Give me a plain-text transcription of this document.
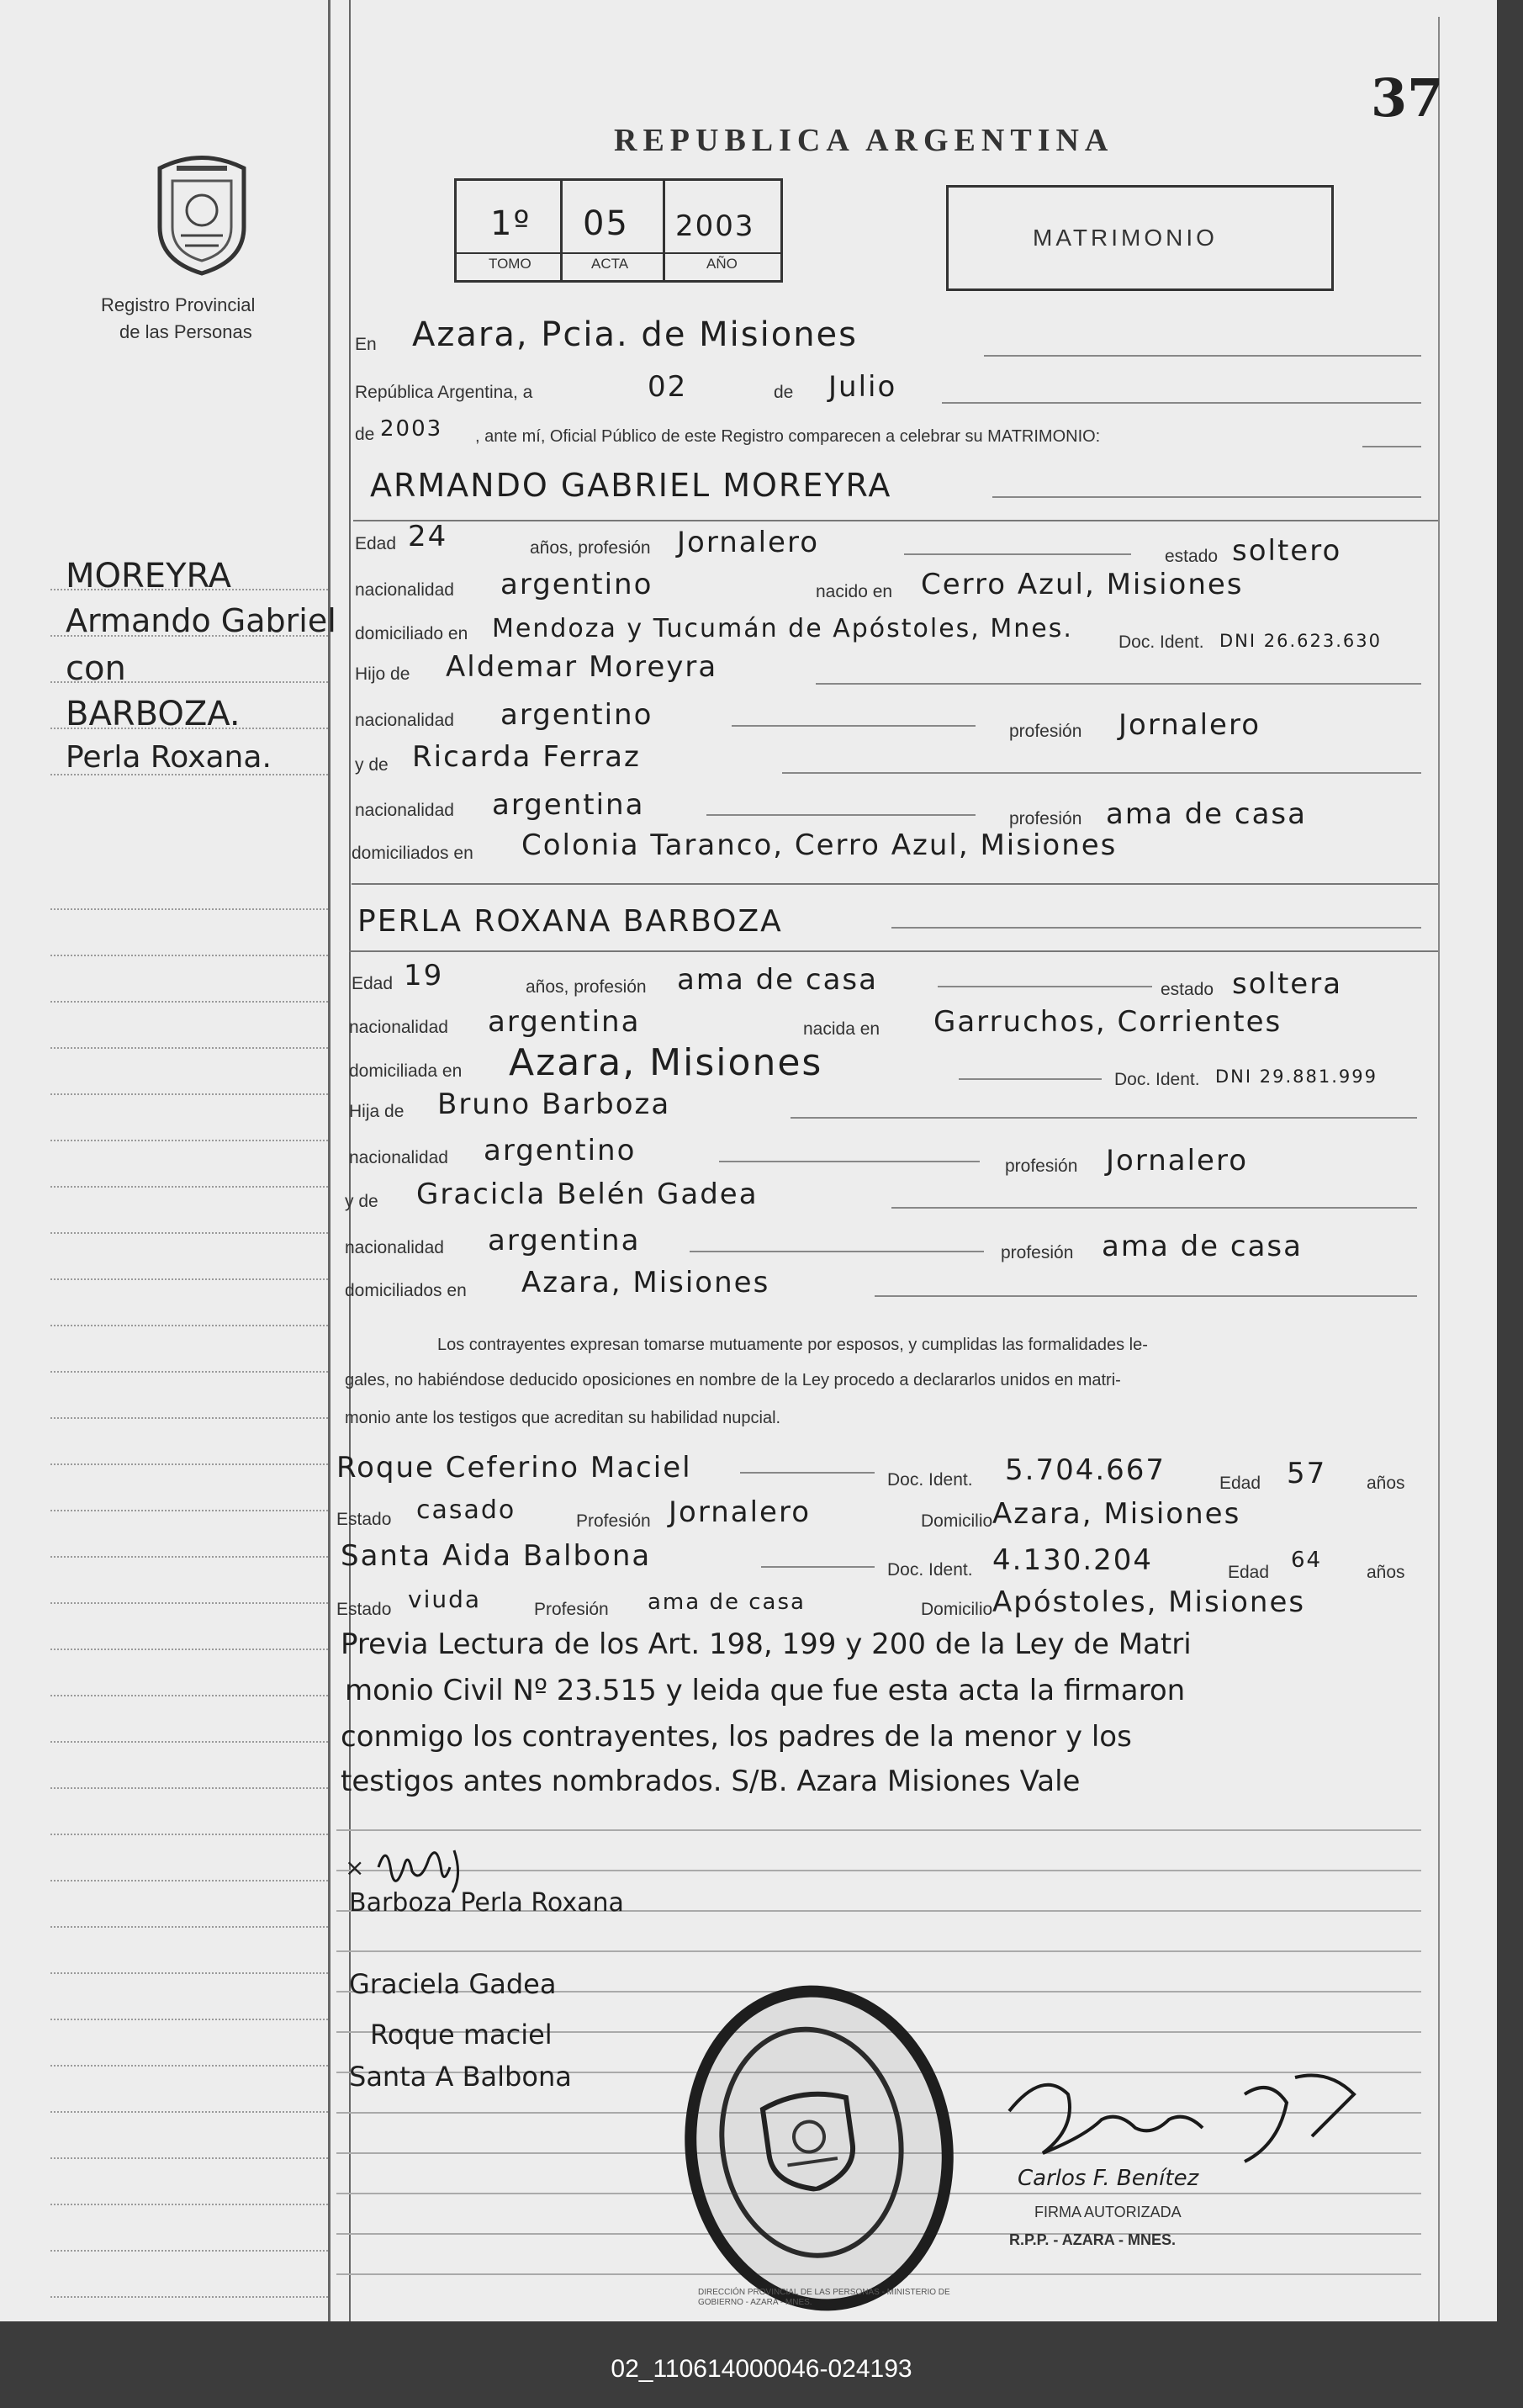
Registro Provincial
de las Personas
37
REPUBLICA ARGENTINA
1º 05 2003
TOMO	ACTA	AÑO
MATRIMONIO
MOREYRA
Armando Gabriel
con
BARBOZA.
Perla Roxana.
En Azara, Pcia. de Misiones
República Argentina, a	02	de Julio
de 2003 , ante mí, Oficial Público de este Registro comparecen a celebrar su MATRIMONIO:
ARMANDO GABRIEL MOREYRA
Edad 24	años, profesión Jornalero	estado soltero
nacionalidad argentino	nacido en Cerro Azul, Misiones
domiciliado en Mendoza y Tucumán de Apóstoles, Mnes.	Doc. Ident. DNI 26.623.630
Hijo de Aldemar Moreyra
nacionalidad argentino	profesión Jornalero
y de Ricarda Ferraz
nacionalidad argentina	profesión ama de casa
domiciliados en Colonia Taranco, Cerro Azul, Misiones
PERLA ROXANA BARBOZA
Edad 19	años, profesión ama de casa	estado soltera
nacionalidad argentina	nacida en Garruchos, Corrientes
domiciliada en Azara, Misiones	Doc. Ident. DNI 29.881.999
Hija de Bruno Barboza
nacionalidad argentino	profesión Jornalero
y de Gracicla Belén Gadea
nacionalidad argentina	profesión ama de casa
domiciliados en Azara, Misiones
Los contrayentes expresan tomarse mutuamente por esposos, y cumplidas las formalidades le-
gales, no habiéndose deducido oposiciones en nombre de la Ley procedo a declararlos unidos en matri-
monio ante los testigos que acreditan su habilidad nupcial.
Roque Ceferino Maciel	Doc. Ident. 5.704.667	Edad 57 años
Estado casado	Profesión Jornalero	Domicilio Azara, Misiones
Santa Aida Balbona	Doc. Ident. 4.130.204	Edad 64	años
Estado viuda	Profesión ama de casa	Domicilio Apóstoles, Misiones
Previa Lectura de los Art. 198, 199 y 200 de la Ley de Matri
monio Civil Nº 23.515 y leida que fue esta acta la firmaron
conmigo los contrayentes, los padres de la menor y los
testigos antes nombrados. S/B. Azara Misiones Vale
×
Barboza Perla Roxana
Graciela Gadea
Roque maciel
Santa A Balbona
DIRECCIÓN PROVINCIAL DE LAS PERSONAS - MINISTERIO DE GOBIERNO - AZARA - MNES.
Carlos F. Benítez
FIRMA AUTORIZADA
R.P.P. - AZARA - MNES.
02_110614000046-024193
